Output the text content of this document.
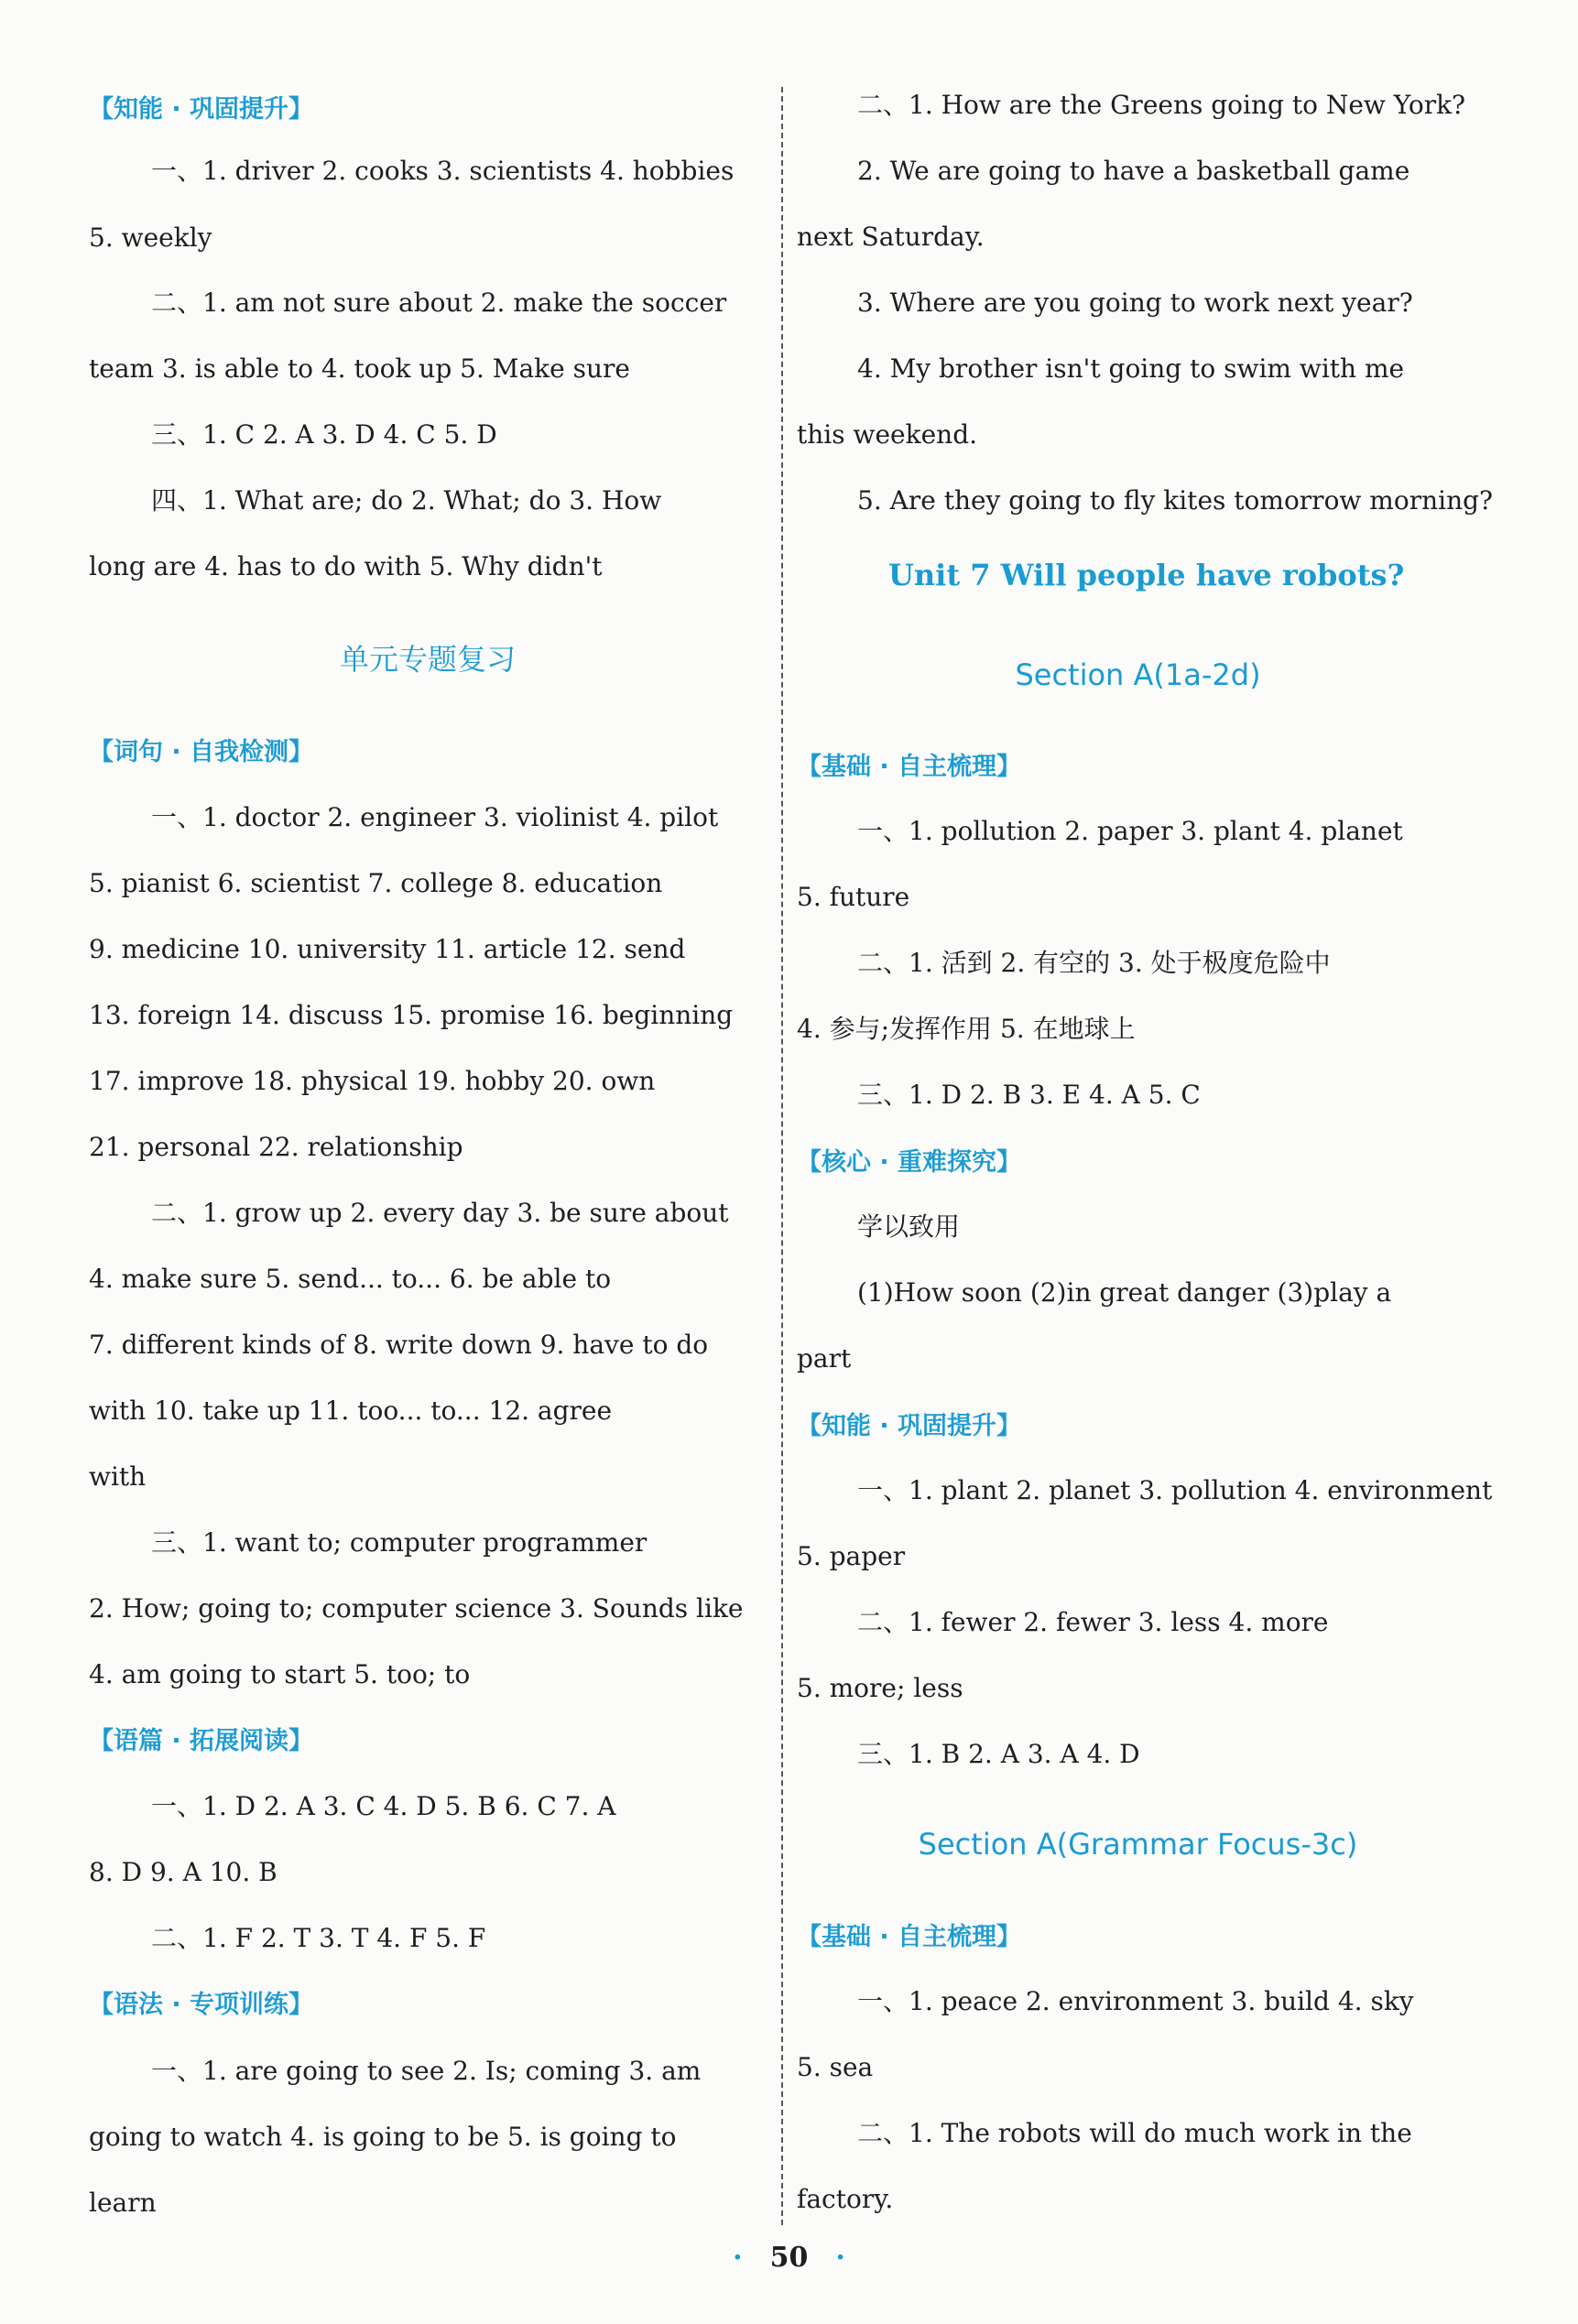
【知能 · 巩固提升】
一、1. driver 2. cooks 3. scientists 4. hobbies
5. weekly
二、1. am not sure about 2. make the soccer
team 3. is able to 4. took up 5. Make sure
三、1. C 2. A 3. D 4. C 5. D
四、1. What are; do 2. What; do 3. How
long are 4. has to do with 5. Why didn't
单元专题复习
【词句 · 自我检测】
一、1. doctor 2. engineer 3. violinist 4. pilot
5. pianist 6. scientist 7. college 8. education
9. medicine 10. university 11. article 12. send
13. foreign 14. discuss 15. promise 16. beginning
17. improve 18. physical 19. hobby 20. own
21. personal 22. relationship
二、1. grow up 2. every day 3. be sure about
4. make sure 5. send... to... 6. be able to
7. different kinds of 8. write down 9. have to do
with 10. take up 11. too... to... 12. agree
with
三、1. want to; computer programmer
2. How; going to; computer science 3. Sounds like
4. am going to start 5. too; to
【语篇 · 拓展阅读】
一、1. D 2. A 3. C 4. D 5. B 6. C 7. A
8. D 9. A 10. B
二、1. F 2. T 3. T 4. F 5. F
【语法 · 专项训练】
一、1. are going to see 2. Is; coming 3. am
going to watch 4. is going to be 5. is going to
learn
二、1. How are the Greens going to New York?
2. We are going to have a basketball game
next Saturday.
3. Where are you going to work next year?
4. My brother isn't going to swim with me
this weekend.
5. Are they going to fly kites tomorrow morning?
Unit 7 Will people have robots?
Section A(1a-2d)
【基础 · 自主梳理】
一、1. pollution 2. paper 3. plant 4. planet
5. future
二、1. 活到 2. 有空的 3. 处于极度危险中
4. 参与;发挥作用 5. 在地球上
三、1. D 2. B 3. E 4. A 5. C
【核心 · 重难探究】
学以致用
(1)How soon (2)in great danger (3)play a
part
【知能 · 巩固提升】
一、1. plant 2. planet 3. pollution 4. environment
5. paper
二、1. fewer 2. fewer 3. less 4. more
5. more; less
三、1. B 2. A 3. A 4. D
Section A(Grammar Focus-3c)
【基础 · 自主梳理】
一、1. peace 2. environment 3. build 4. sky
5. sea
二、1. The robots will do much work in the
factory.
· 50 ·
